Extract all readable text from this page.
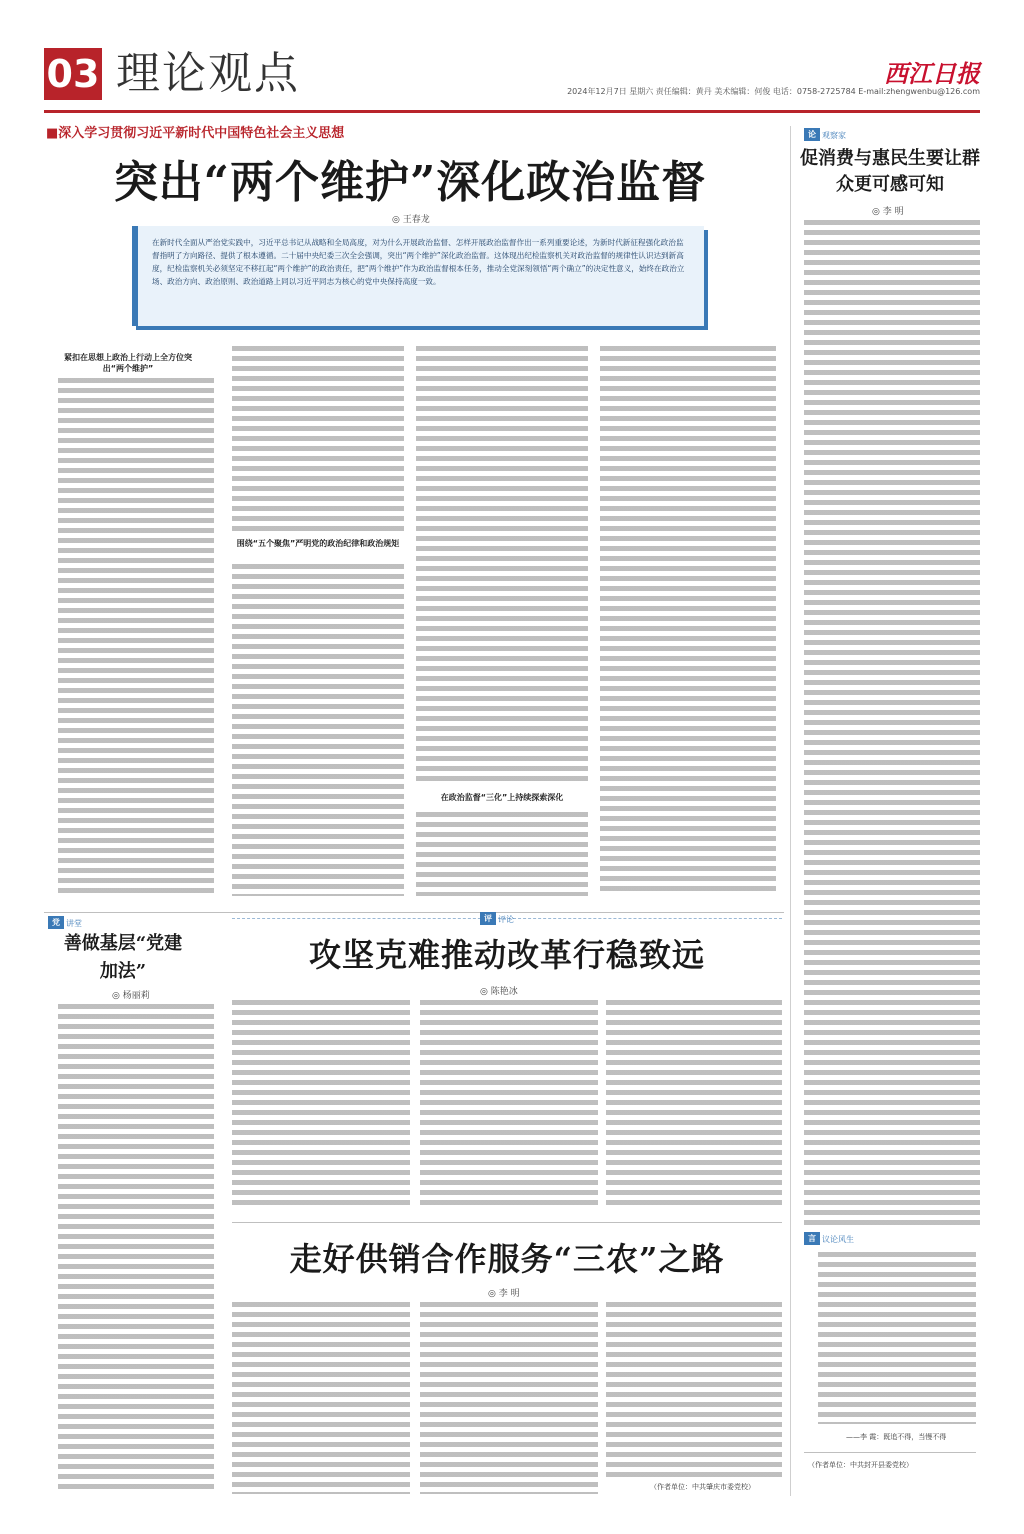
03 理论观点	西江日报
2024年12月7日 星期六 责任编辑：黄丹 美术编辑：何俊 电话：0758-2725784 E-mail:zhengwenbu@126.com
■深入学习贯彻习近平新时代中国特色社会主义思想
突出“两个维护”深化政治监督
◎ 王春龙
在新时代全面从严治党实践中，习近平总书记从战略和全局高度，对为什么开展政治监督、怎样开展政治监督作出一系列重要论述，为新时代新征程强化政治监督指明了方向路径、提供了根本遵循。二十届中央纪委三次全会强调，突出“两个维护”深化政治监督。这体现出纪检监察机关对政治监督的规律性认识达到新高度，纪检监察机关必须坚定不移扛起“两个维护”的政治责任，把“两个维护”作为政治监督根本任务，推动全党深刻领悟“两个确立”的决定性意义，始终在政治立场、政治方向、政治原则、政治道路上同以习近平同志为核心的党中央保持高度一致。
紧扣在思想上政治上行动上全方位突出“两个维护”
围绕“五个聚焦”严明党的政治纪律和政治规矩
在政治监督“三化”上持续探索深化
论 观察家
促消费与惠民生要让群众更可感可知
◎ 李 明
言 议论风生
——李 霞：既追不得，当慢不得
（作者单位：中共封开县委党校）
党 讲堂
善做基层“党建加法”
◎ 杨丽莉
评 评论
攻坚克难推动改革行稳致远
◎ 陈艳冰
走好供销合作服务“三农”之路
◎ 李 明
（作者单位：中共肇庆市委党校）
